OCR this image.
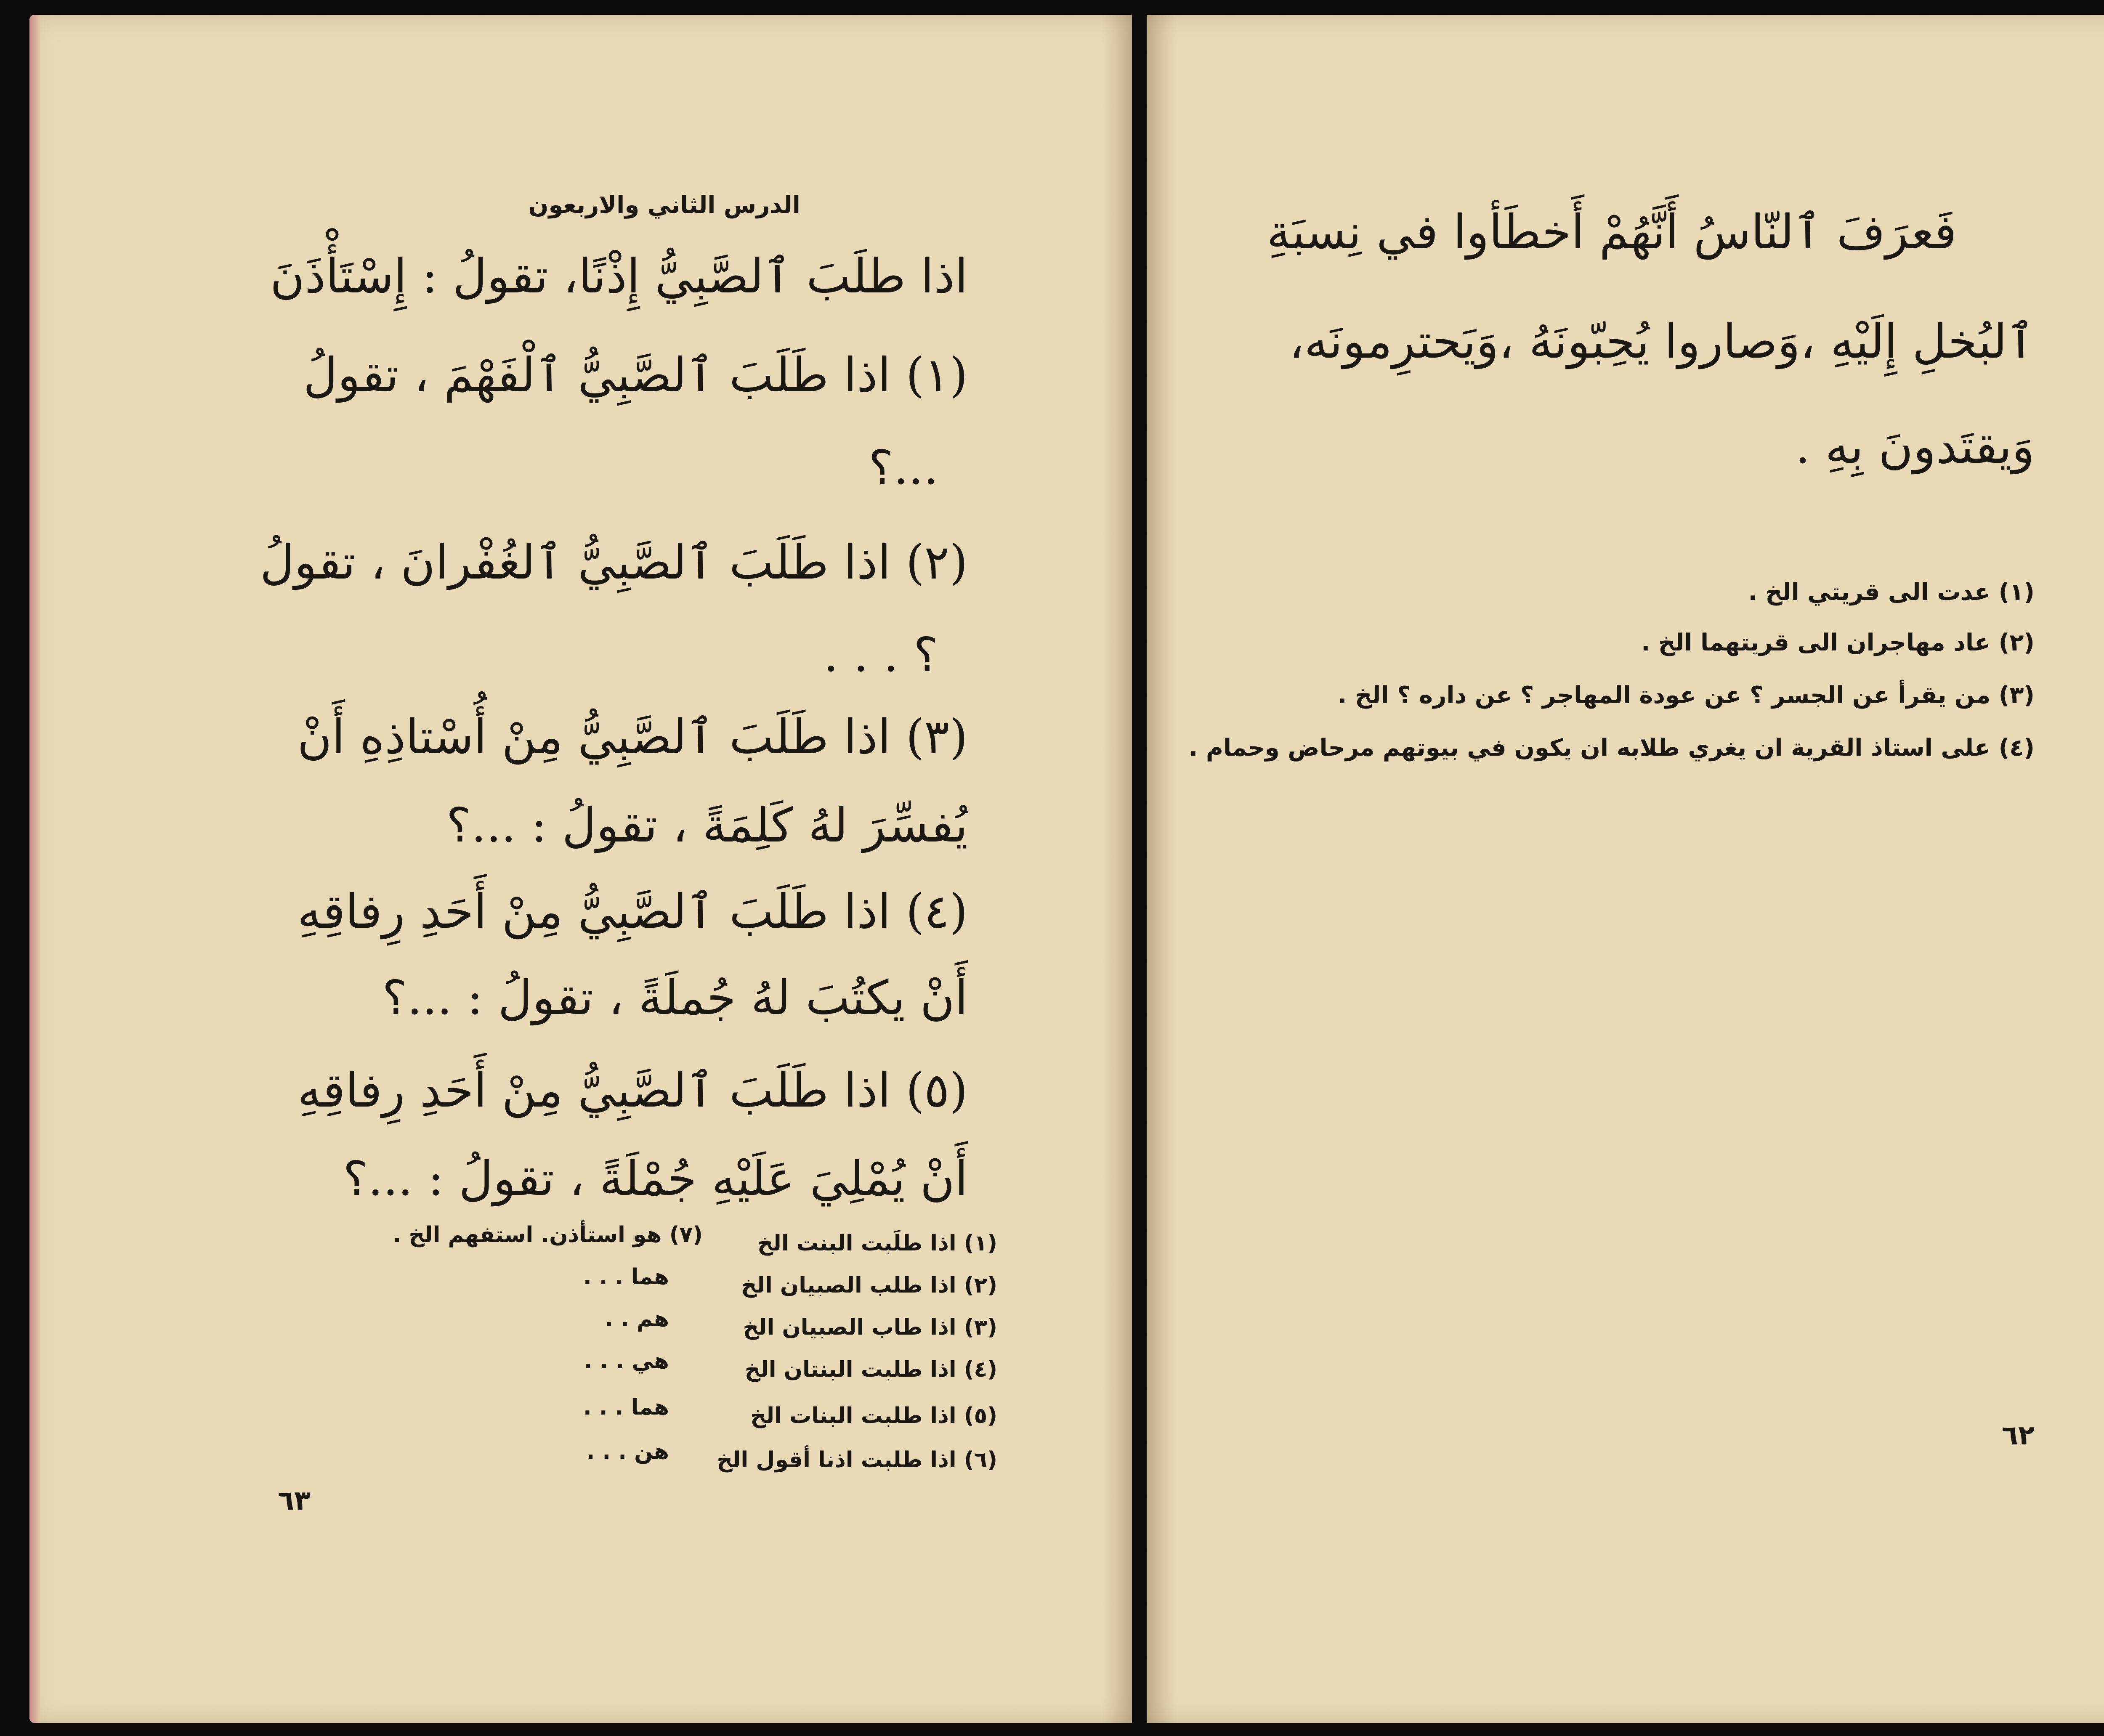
الدرس الثاني والاربعون
اذا طلَبَ ٱلصَّبِيُّ إِذْنًا، تقولُ : إِسْتَأْذَنَ
(١) اذا طَلَبَ ٱلصَّبِيُّ ٱلْفَهْمَ ، تقولُ
...؟
(٢) اذا طَلَبَ ٱلصَّبِيُّ ٱلغُفْرانَ ، تقولُ
؟ . . .
(٣) اذا طَلَبَ ٱلصَّبِيُّ مِنْ أُسْتاذِهِ أَنْ
يُفسِّرَ لهُ كَلِمَةً ، تقولُ : ...؟
(٤) اذا طَلَبَ ٱلصَّبِيُّ مِنْ أَحَدِ رِفاقِهِ
أَنْ يكتُبَ لهُ جُملَةً ، تقولُ : ...؟
(٥) اذا طَلَبَ ٱلصَّبِيُّ مِنْ أَحَدِ رِفاقِهِ
أَنْ يُمْلِيَ عَلَيْهِ جُمْلَةً ، تقولُ : ...؟
(١) اذا طلَبت البنت الخ
(٢) اذا طلب الصبيان الخ
(٣) اذا طاب الصبيان الخ
(٤) اذا طلبت البنتان الخ
(٥) اذا طلبت البنات الخ
(٦) اذا طلبت اذنا أقول الخ
(٧) هو استأذن. استفهم الخ .
هما . . .
هم . .
هي . . .
هما . . .
هن . . .
٦٣
فَعرَفَ ٱلنّاسُ أَنَّهُمْ أَخطَأوا في نِسبَةِ
ٱلبُخلِ إِلَيْهِ ،وَصاروا يُحِبّونَهُ ،وَيَحترِمونَه،
وَيقتَدونَ بِهِ .
(١) عدت الى قريتي الخ .
(٢) عاد مهاجران الى قريتهما الخ .
(٣) من يقرأ عن الجسر ؟ عن عودة المهاجر ؟ عن داره ؟ الخ .
(٤) على استاذ القرية ان يغري طلابه ان يكون في بيوتهم مرحاض وحمام .
٦٢
